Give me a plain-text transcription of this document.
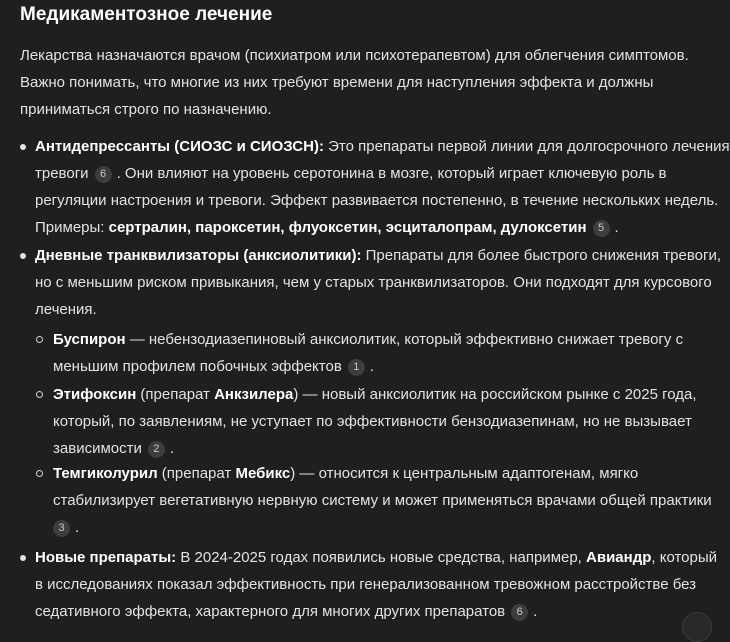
Медикаментозное лечение

Лекарства назначаются врачом (психиатром или психотерапевтом) для облегчения симптомов.
Важно понимать, что многие из них требуют времени для наступления эффекта и должны
приниматься строго по назначению.

Антидепрессанты (СИОЗС и СИОЗСН): Это препараты первой линии для долгосрочного лечения
тревоги 6 . Они влияют на уровень серотонина в мозге, который играет ключевую роль в
регуляции настроения и тревоги. Эффект развивается постепенно, в течение нескольких недель.
Примеры: сертралин, пароксетин, флуоксетин, эсциталопрам, дулоксетин 5 .
Дневные транквилизаторы (анксиолитики): Препараты для более быстрого снижения тревоги,
но с меньшим риском привыкания, чем у старых транквилизаторов. Они подходят для курсового
лечения.
Буспирон — небензодиазепиновый анксиолитик, который эффективно снижает тревогу с
меньшим профилем побочных эффектов 1 .
Этифоксин (препарат Анкзилера) — новый анксиолитик на российском рынке с 2025 года,
который, по заявлениям, не уступает по эффективности бензодиазепинам, но не вызывает
зависимости 2 .
Темгиколурил (препарат Мебикс) — относится к центральным адаптогенам, мягко
стабилизирует вегетативную нервную систему и может применяться врачами общей практики
3 .
Новые препараты: В 2024-2025 годах появились новые средства, например, Авиандр, который
в исследованиях показал эффективность при генерализованном тревожном расстройстве без
седативного эффекта, характерного для многих других препаратов 6 .
